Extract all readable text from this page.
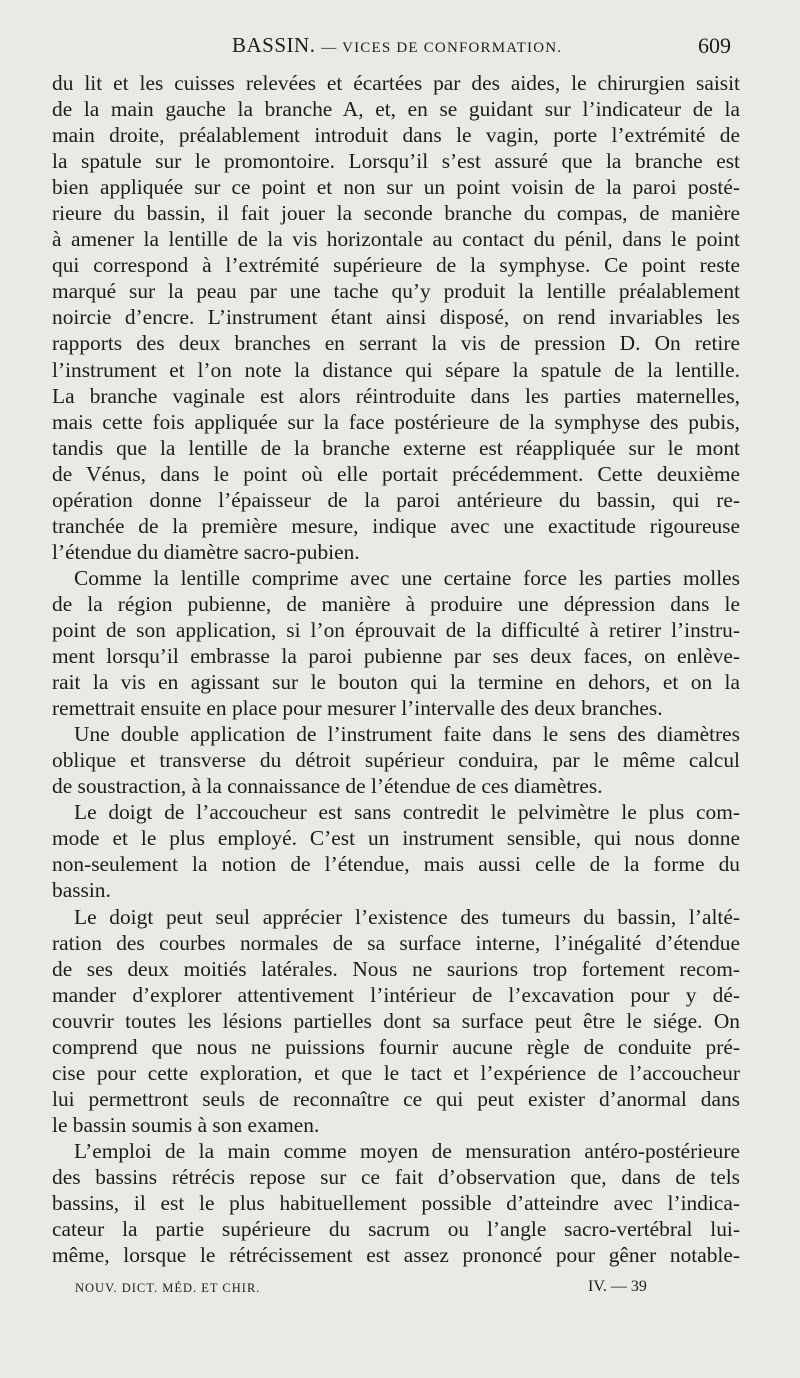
BASSIN. — VICES DE CONFORMATION.	609
du lit et les cuisses relevées et écartées par des aides, le chirurgien saisit
de la main gauche la branche A, et, en se guidant sur l’indicateur de la
main droite, préalablement introduit dans le vagin, porte l’extrémité de
la spatule sur le promontoire. Lorsqu’il s’est assuré que la branche est
bien appliquée sur ce point et non sur un point voisin de la paroi posté-
rieure du bassin, il fait jouer la seconde branche du compas, de manière
à amener la lentille de la vis horizontale au contact du pénil, dans le point
qui correspond à l’extrémité supérieure de la symphyse. Ce point reste
marqué sur la peau par une tache qu’y produit la lentille préalablement
noircie d’encre. L’instrument étant ainsi disposé, on rend invariables les
rapports des deux branches en serrant la vis de pression D. On retire
l’instrument et l’on note la distance qui sépare la spatule de la lentille.
La branche vaginale est alors réintroduite dans les parties maternelles,
mais cette fois appliquée sur la face postérieure de la symphyse des pubis,
tandis que la lentille de la branche externe est réappliquée sur le mont
de Vénus, dans le point où elle portait précédemment. Cette deuxième
opération donne l’épaisseur de la paroi antérieure du bassin, qui re-
tranchée de la première mesure, indique avec une exactitude rigoureuse
l’étendue du diamètre sacro-pubien.
Comme la lentille comprime avec une certaine force les parties molles
de la région pubienne, de manière à produire une dépression dans le
point de son application, si l’on éprouvait de la difficulté à retirer l’instru-
ment lorsqu’il embrasse la paroi pubienne par ses deux faces, on enlève-
rait la vis en agissant sur le bouton qui la termine en dehors, et on la
remettrait ensuite en place pour mesurer l’intervalle des deux branches.
Une double application de l’instrument faite dans le sens des diamètres
oblique et transverse du détroit supérieur conduira, par le même calcul
de soustraction, à la connaissance de l’étendue de ces diamètres.
Le doigt de l’accoucheur est sans contredit le pelvimètre le plus com-
mode et le plus employé. C’est un instrument sensible, qui nous donne
non-seulement la notion de l’étendue, mais aussi celle de la forme du
bassin.
Le doigt peut seul apprécier l’existence des tumeurs du bassin, l’alté-
ration des courbes normales de sa surface interne, l’inégalité d’étendue
de ses deux moitiés latérales. Nous ne saurions trop fortement recom-
mander d’explorer attentivement l’intérieur de l’excavation pour y dé-
couvrir toutes les lésions partielles dont sa surface peut être le siége. On
comprend que nous ne puissions fournir aucune règle de conduite pré-
cise pour cette exploration, et que le tact et l’expérience de l’accoucheur
lui permettront seuls de reconnaître ce qui peut exister d’anormal dans
le bassin soumis à son examen.
L’emploi de la main comme moyen de mensuration antéro-postérieure
des bassins rétrécis repose sur ce fait d’observation que, dans de tels
bassins, il est le plus habituellement possible d’atteindre avec l’indica-
cateur la partie supérieure du sacrum ou l’angle sacro-vertébral lui-
même, lorsque le rétrécissement est assez prononcé pour gêner notable-
NOUV. DICT. MÉD. ET CHIR.	IV. — 39
